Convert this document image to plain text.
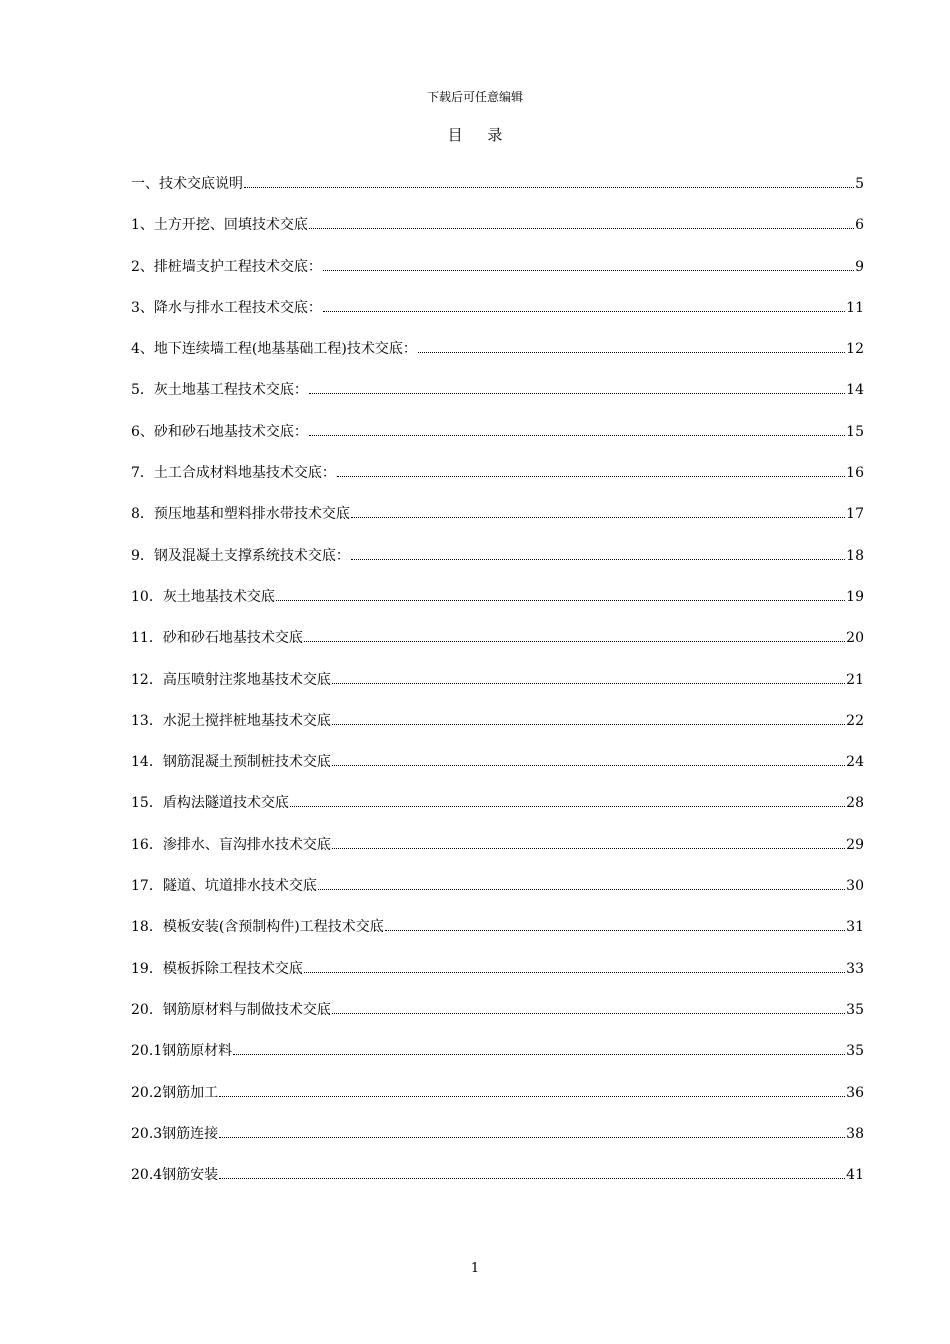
下载后可任意编辑
目 录
一、技术交底说明	5
1、土方开挖、回填技术交底	6
2、排桩墙支护工程技术交底：	9
3、降水与排水工程技术交底：	11
4、地下连续墙工程(地基基础工程)技术交底：	12
5．灰土地基工程技术交底：	14
6、砂和砂石地基技术交底：	15
7．土工合成材料地基技术交底：	16
8．预压地基和塑料排水带技术交底	17
9．钢及混凝土支撑系统技术交底：	18
10．灰土地基技术交底	19
11．砂和砂石地基技术交底	20
12．高压喷射注浆地基技术交底	21
13．水泥土搅拌桩地基技术交底	22
14．钢筋混凝土预制桩技术交底	24
15．盾构法隧道技术交底	28
16．渗排水、盲沟排水技术交底	29
17．隧道、坑道排水技术交底	30
18．模板安装(含预制构件)工程技术交底	31
19．模板拆除工程技术交底	33
20．钢筋原材料与制做技术交底	35
20.1钢筋原材料	35
20.2钢筋加工	36
20.3钢筋连接	38
20.4钢筋安装	41
1
